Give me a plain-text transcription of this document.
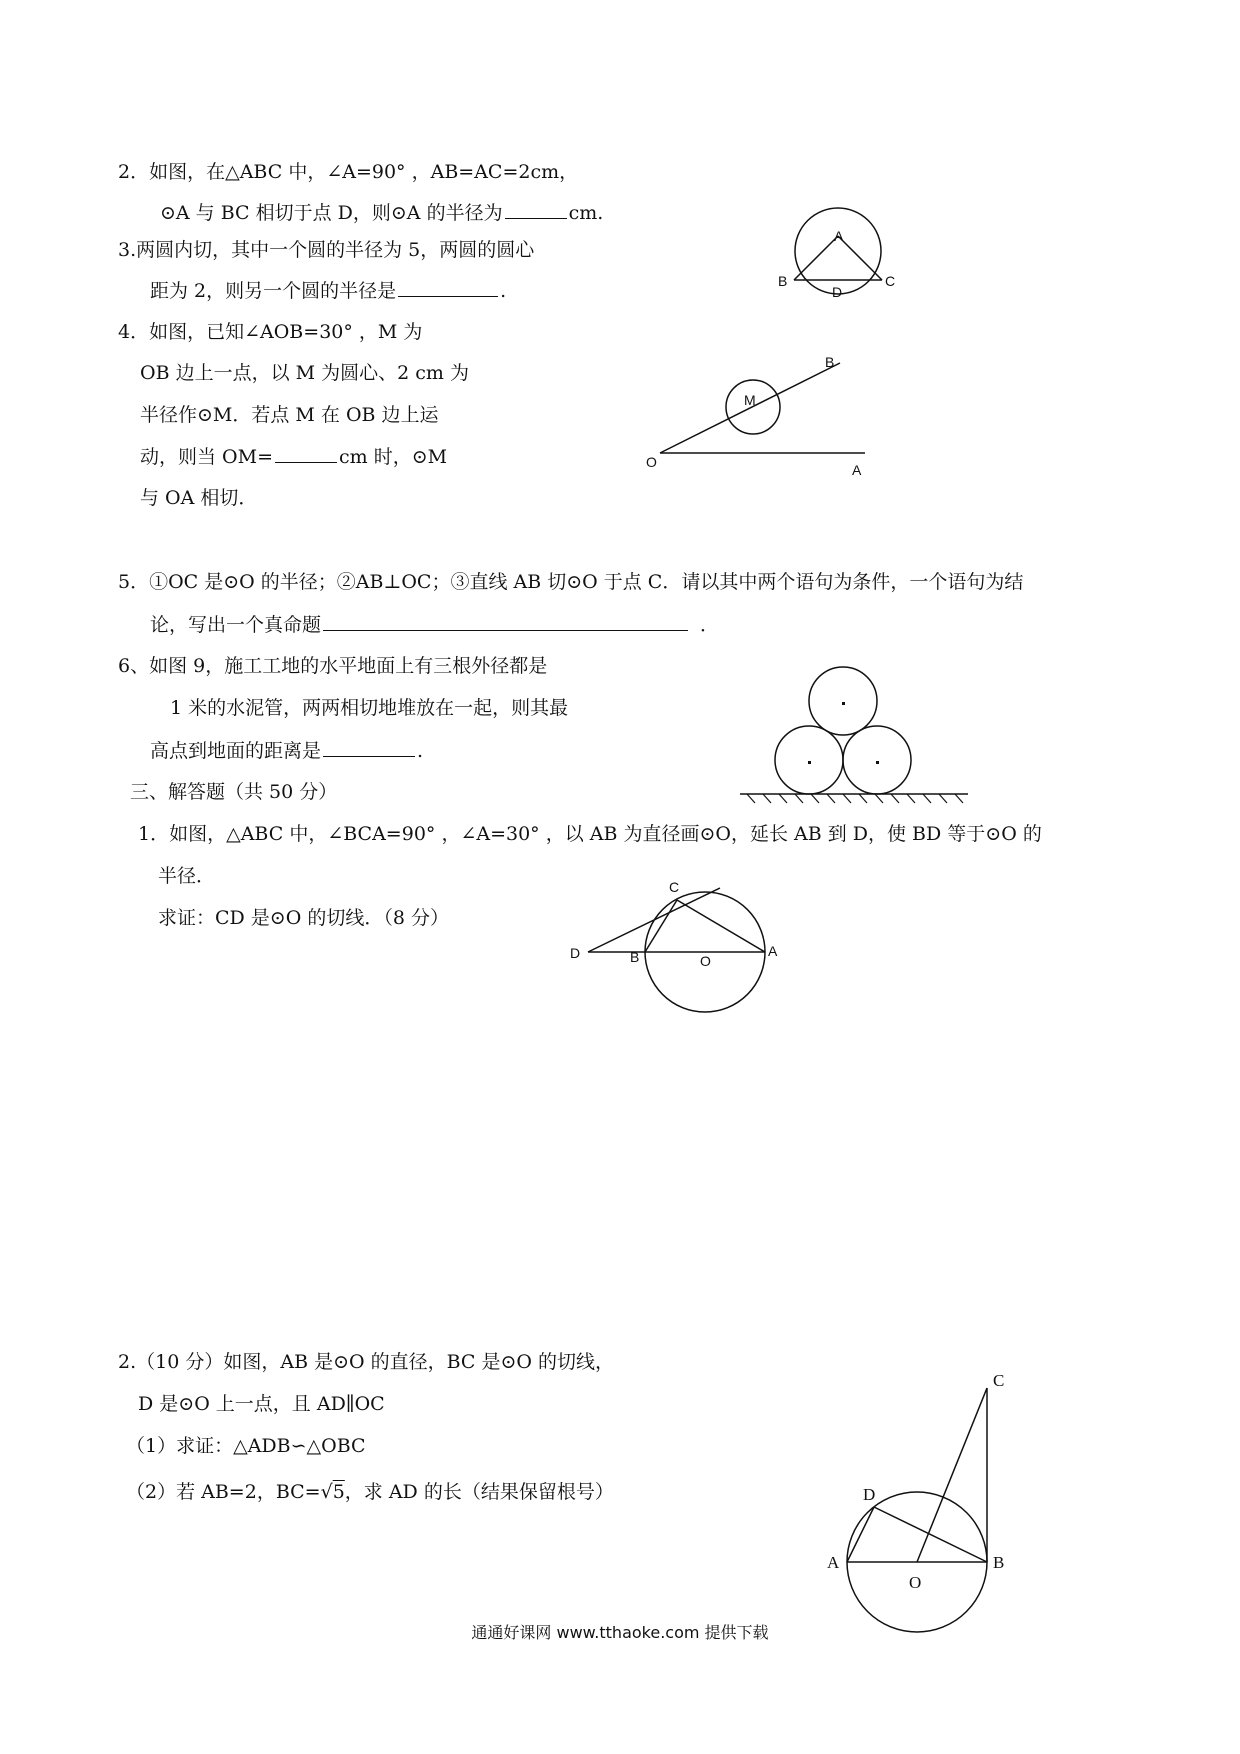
2．如图，在△ABC 中，∠A=90° ，AB=AC=2cm，
⊙A 与 BC 相切于点 D，则⊙A 的半径为	cm.
A
B	C
D
3.两圆内切，其中一个圆的半径为 5，两圆的圆心
距为 2，则另一个圆的半径是	.
4．如图，已知∠AOB=30° ，M 为
OB 边上一点，以 M 为圆心、2 cm 为
半径作⊙M．若点 M 在 OB 边上运
动，则当 OM=	cm 时，⊙M
与 OA 相切．
O	A
B
M
5．①OC 是⊙O 的半径；②AB⊥OC；③直线 AB 切⊙O 于点 C．请以其中两个语句为条件，一个语句为结
论，写出一个真命题	．
6、如图 9，施工工地的水平地面上有三根外径都是
1 米的水泥管，两两相切地堆放在一起，则其最
高点到地面的距离是	.
三、解答题（共 50 分）
1．如图，△ABC 中，∠BCA=90° ，∠A=30° ，以 AB 为直径画⊙O，延长 AB 到 D，使 BD 等于⊙O 的
半径．
求证：CD 是⊙O 的切线．（8 分）
D	B	O
A
C
2.（10 分）如图，AB 是⊙O 的直径，BC 是⊙O 的切线，
D 是⊙O 上一点，且 AD∥OC
（1）求证：△ADB∽△OBC
（2）若 AB=2，BC=√5，求 AD 的长（结果保留根号）
C
D
A	B
O
通通好课网 www.tthaoke.com 提供下载
